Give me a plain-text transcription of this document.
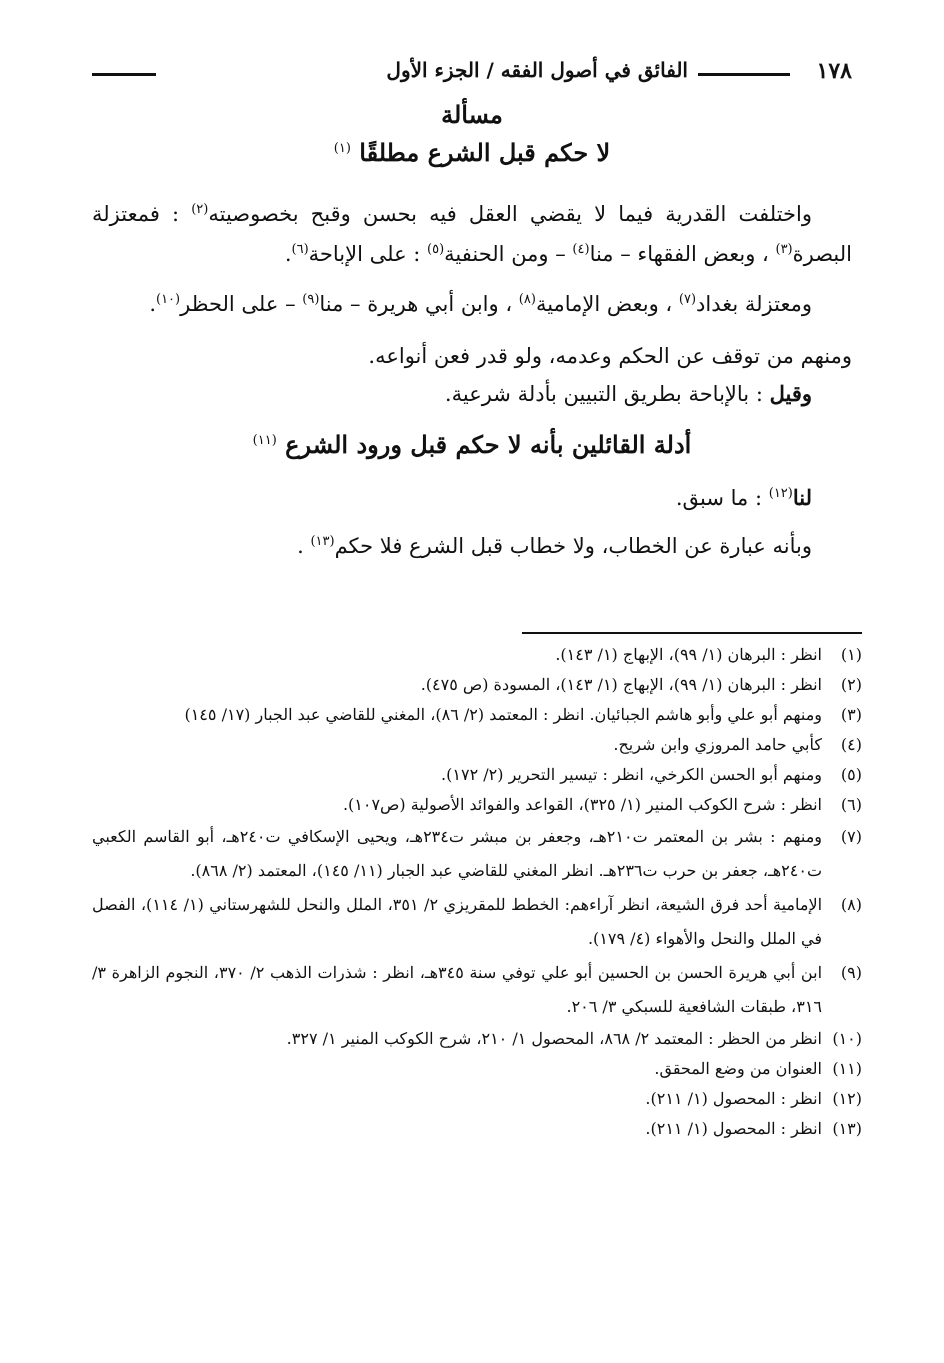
١٧٨
الفائق في أصول الفقه / الجزء الأول
مسألة
لا حكم قبل الشرع مطلقًا $^{(١)}$
واختلفت القدرية فيما لا يقضي العقل فيه بحسن وقبح بخصوصيته$^{(٢)}$ : فمعتزلة البصرة$^{(٣)}$ ، وبعض الفقهاء – منا$^{(٤)}$ – ومن الحنفية$^{(٥)}$ : على الإباحة$^{(٦)}$.
ومعتزلة بغداد$^{(٧)}$ ، وبعض الإمامية$^{(٨)}$ ، وابن أبي هريرة – منا$^{(٩)}$ – على الحظر$^{(١٠)}$.
ومنهم من توقف عن الحكم وعدمه، ولو قدر فعن أنواعه.
وقيل : بالإباحة بطريق التبيين بأدلة شرعية.
أدلة القائلين بأنه لا حكم قبل ورود الشرع $^{(١١)}$
لنا$^{(١٢)}$ : ما سبق.
وبأنه عبارة عن الخطاب، ولا خطاب قبل الشرع فلا حكم$^{(١٣)}$ .
(١)
انظر : البرهان (١/ ٩٩)، الإبهاج (١/ ١٤٣).
(٢)
انظر : البرهان (١/ ٩٩)، الإبهاج (١/ ١٤٣)، المسودة (ص ٤٧٥).
(٣)
ومنهم أبو علي وأبو هاشم الجبائيان. انظر : المعتمد (٢/ ٨٦)، المغني للقاضي عبد الجبار (١٧/ ١٤٥)
(٤)
كأبي حامد المروزي وابن شريح.
(٥)
ومنهم أبو الحسن الكرخي، انظر : تيسير التحرير (٢/ ١٧٢).
(٦)
انظر : شرح الكوكب المنير (١/ ٣٢٥)، القواعد والفوائد الأصولية (ص١٠٧).
(٧)
ومنهم : بشر بن المعتمر ت٢١٠هـ، وجعفر بن مبشر ت٢٣٤هـ، ويحيى الإسكافي ت٢٤٠هـ، أبو القاسم الكعبي ت٢٤٠هـ، جعفر بن حرب ت٢٣٦هـ. انظر المغني للقاضي عبد الجبار (١١/ ١٤٥)، المعتمد (٢/ ٨٦٨).
(٨)
الإمامية أحد فرق الشيعة، انظر آراءهم: الخطط للمقريزي ٢/ ٣٥١، الملل والنحل للشهرستاني (١/ ١١٤)، الفصل في الملل والنحل والأهواء (٤/ ١٧٩).
(٩)
ابن أبي هريرة الحسن بن الحسين أبو علي توفي سنة ٣٤٥هـ، انظر : شذرات الذهب ٢/ ٣٧٠، النجوم الزاهرة ٣/ ٣١٦، طبقات الشافعية للسبكي ٣/ ٢٠٦.
(١٠)
انظر من الحظر : المعتمد ٢/ ٨٦٨، المحصول ١/ ٢١٠، شرح الكوكب المنير ١/ ٣٢٧.
(١١)
العنوان من وضع المحقق.
(١٢)
انظر : المحصول (١/ ٢١١).
(١٣)
انظر : المحصول (١/ ٢١١).
